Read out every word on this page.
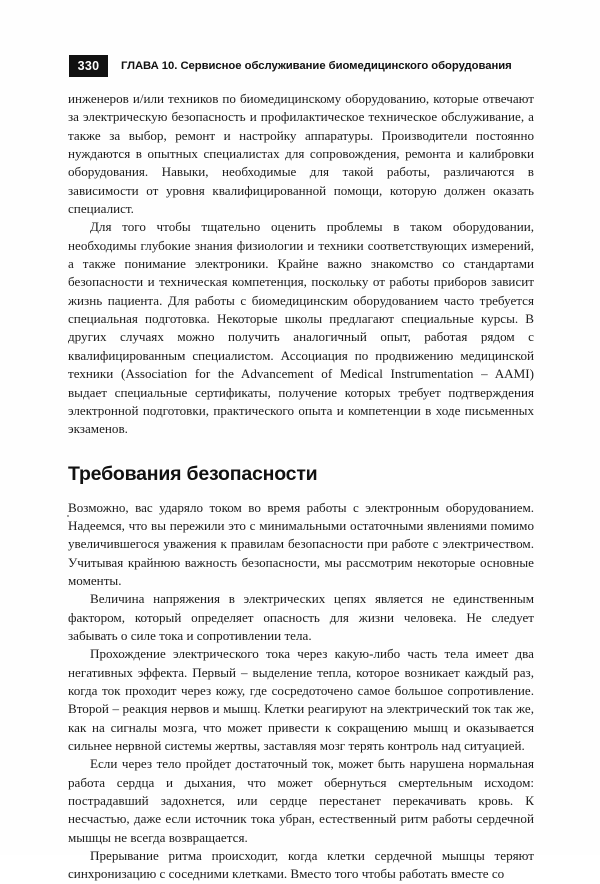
330	ГЛАВА 10. Сервисное обслуживание биомедицинского оборудования

инженеров и/или техников по биомедицинскому оборудованию, которые отвечают за электрическую безопасность и профилактическое техническое обслуживание, а также за выбор, ремонт и настройку аппаратуры. Производители постоянно нуждаются в опытных специалистах для сопровождения, ремонта и калибровки оборудования. Навыки, необходимые для такой работы, различаются в зависимости от уровня квалифицированной помощи, которую должен оказать специалист.

Для того чтобы тщательно оценить проблемы в таком оборудовании, необходимы глубокие знания физиологии и техники соответствующих измерений, а также понимание электроники. Крайне важно знакомство со стандартами безопасности и техническая компетенция, поскольку от работы приборов зависит жизнь пациента. Для работы с биомедицинским оборудованием часто требуется специальная подготовка. Некоторые школы предлагают специальные курсы. В других случаях можно получить аналогичный опыт, работая рядом с квалифицированным специалистом. Ассоциация по продвижению медицинской техники (Association for the Advancement of Medical Instrumentation – AAMI) выдает специальные сертификаты, получение которых требует подтверждения электронной подготовки, практического опыта и компетенции в ходе письменных экзаменов.

Требования безопасности

Возможно, вас ударяло током во время работы с электронным оборудованием. Надеемся, что вы пережили это с минимальными остаточными явлениями помимо увеличившегося уважения к правилам безопасности при работе с электричеством. Учитывая крайнюю важность безопасности, мы рассмотрим некоторые основные моменты.

Величина напряжения в электрических цепях является не единственным фактором, который определяет опасность для жизни человека. Не следует забывать о силе тока и сопротивлении тела.

Прохождение электрического тока через какую-либо часть тела имеет два негативных эффекта. Первый – выделение тепла, которое возникает каждый раз, когда ток проходит через кожу, где сосредоточено самое большое сопротивление. Второй – реакция нервов и мышц. Клетки реагируют на электрический ток так же, как на сигналы мозга, что может привести к сокращению мышц и оказывается сильнее нервной системы жертвы, заставляя мозг терять контроль над ситуацией.

Если через тело пройдет достаточный ток, может быть нарушена нормальная работа сердца и дыхания, что может обернуться смертельным исходом: пострадавший задохнется, или сердце перестанет перекачивать кровь. К несчастью, даже если источник тока убран, естественный ритм работы сердечной мышцы не всегда возвращается.

Прерывание ритма происходит, когда клетки сердечной мышцы теряют синхронизацию с соседними клетками. Вместо того чтобы работать вместе со
